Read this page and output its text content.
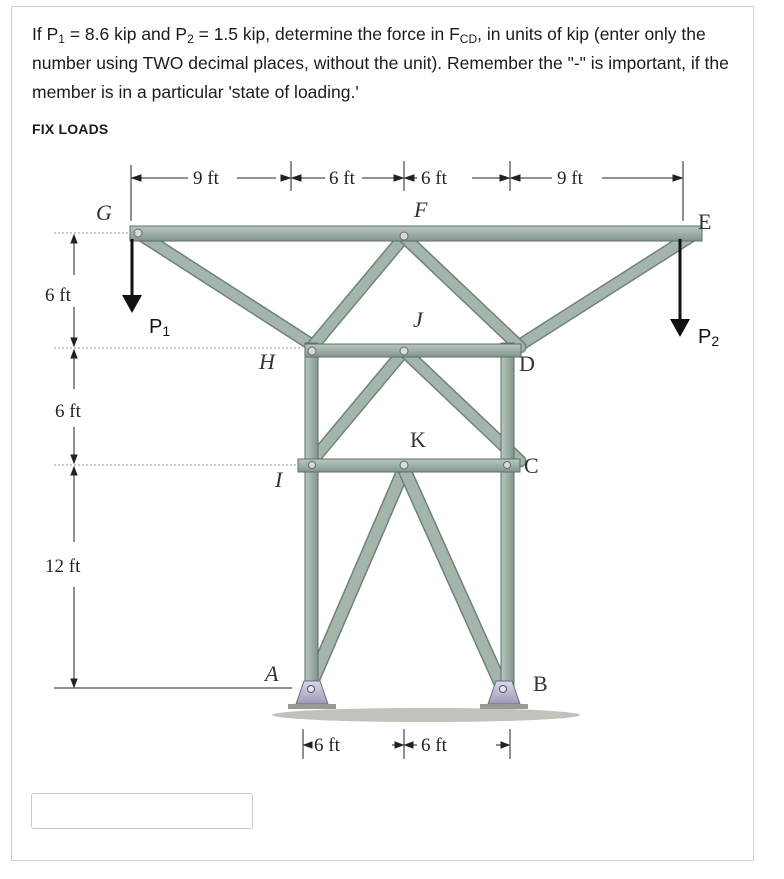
If $P_1 = 8.6$ kip and $P_2 = 1.5$ kip, determine the force in $F_{CD}$, in units of kip (enter only the number using TWO decimal places, without the unit). Remember the "-" is important, if the member is in a particular 'state of loading.'

FIX LOADS
9 ft	6 ft	6 ft	9 ft
6 ft
6 ft
12 ft
6 ft	6 ft
G	F	E
J
H	D
K
I
C
A	B
P1	P2
